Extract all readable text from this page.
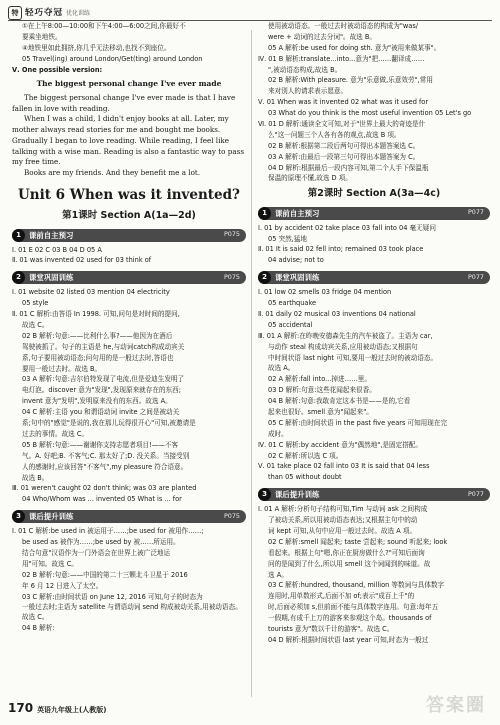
特 轻巧夺冠 优化训练

①在上午8:00—10:00和下午4:00—6:00之间,你最好不

要乘坐地铁。

④地铁里如此拥挤,你几乎无法移动,也找不到座位。

05 Travel(ing) around London/Get(ting) around London

Ⅴ. One possible version:

The biggest personal change I've ever made

The biggest personal change I've ever made is that I have fallen in love with reading.

When I was a child, I didn't enjoy books at all. Later, my mother always read stories for me and bought me books. Gradually I began to love reading. While reading, I feel like talking with a wise man. Reading is also a fantastic way to pass my free time.

Books are my friends. And they benefit me a lot.

Unit 6 When was it invented?
第1课时 Section A(1a—2d)
1	课前自主预习	P075

Ⅰ. 01 E 02 C 03 B 04 D 05 A

Ⅱ. 01 was invented 02 used for 03 think of

2	课堂巩固训练	P075

Ⅰ. 01 website 02 listed 03 mention 04 electricity

05 style

Ⅱ. 01 C 解析:由答语 In 1998. 可知,问句是对时间的提问,

故选 C。

02 B 解析:句意:——比利什么事?——他因为在酒后

驾驶被抓了。句子的主语是 he,与动词catch构成动宾关

系,句子要用被动语态;问句用的是一般过去时,答语也

要用一般过去时。故选 B。

03 A 解析:句意:吉尔伯特发现了电流,但是爱迪生发明了

电灯泡。discover 意为"发现",发现原来就存在的东西;

invent 意为"发明",发明原来没有的东西。故选 A。

04 C 解析:主语 you 和谓语动词 invite 之间是被动关

系;句中的"感觉"是说的,我在那儿玩得很开心"可知,被邀请是

过去的事情。故选 C。

05 B 解析:句意:——谢谢你支持志愿者项目!——不客

气。A. 好吧;B. 不客气;C. 那太好了;D. 没关系。当接受别

人的感谢时,应该回答"不客气",my pleasure 符合语意。

故选 B。

Ⅲ. 01 weren't caught 02 don't think; was 03 are planted

04 Who/Whom was ... invented 05 What is ... for

3	课后提升训练	P075

Ⅰ. 01 C 解析:be used in 被运用于……;be used for 被用作……;

be used as 被作为……;be used by 被……所运用。

结合句意"汉语作为一门外语会在世界上被广泛地运

用"可知。故选 C。

02 B 解析:句意:——中国的第二十三颗北斗卫星于 2016

年 6 月 12 日进入了太空。

03 C 解析:由时间状语 on June 12, 2016 可知,句子的时态为

一般过去时;主语为 satellite 与谓语动词 send 构成被动关系,用被动语态。故选 C。

04 B 解析:

使用被动语态。一般过去时被动语态的构成为"was/

were + 动词的过去分词"。故选 B。

05 A 解析:be used for doing sth. 意为"被用来做某事"。

Ⅳ. 01 B 解析:translate...into...意为"把……翻译成……

",被动语态构成,故选 B。

02 B 解析:With pleasure. 意为"乐意做,乐意效劳",常用

来对别人的请求表示愿意。

Ⅴ. 01 When was it invented 02 what was it used for

03 What do you think is the most useful invention 05 Let's go

Ⅵ. 01 D 解析:通读全文可知,对于"世界上最大的奇迹是什

么"这一问题三个人各有各的观点,故选 B 项。

02 B 解析:根据第二段后两句可得出本题答案选 C。

03 A 解析:由最后一段第三句可得出本题答案为 C。

04 D 解析:根据最后一段内容可知,第二个人手下保温瓶

保温的原理不懂,故选 D 项。

第2课时 Section A(3a—4c)
1	课前自主预习	P077

Ⅰ. 01 by accident 02 take place 03 fall into 04 毫无疑问

05 突然,猛地

Ⅱ. 01 It is said 02 fell into; remained 03 took place

04 advise; not to

2	课堂巩固训练	P077

Ⅰ. 01 low 02 smells 03 fridge 04 mention

05 earthquake

Ⅱ. 01 daily 02 musical 03 inventions 04 national

05 accidental

Ⅲ. 01 A 解析:在昨晚安德森先生的汽车被盗了。主语为 car,

与动作 steal 构成动宾关系,应用被动语态;又根据句

中时间状语 last night 可知,要用一般过去时的被动语态。

故选 A。

02 A 解析:fall into...掉进……里。

03 D 解析:句意:这些花闻起来很香。

04 B 解析:句意:我敢肯定这本书是——是的,它看

起来也很好。smell 意为"闻起来"。

05 C 解析:由时间状语 in the past five years 可知用现在完

成时。

Ⅳ. 01 C 解析:by accident 意为"偶然地",是固定搭配。

02 C 解析:所以选 C 项。

Ⅴ. 01 take place 02 fall into 03 It is said that 04 less

than 05 without doubt

3	课后提升训练	P077

Ⅰ. 01 A 解析:分析句子结构可知,Tim 与动词 ask 之间构成

了被动关系,所以用被动语态表达;又根据主句中的动

词 kept 可知,从句中应用一般过去时。故选 A 项。

02 C 解析:smell 闻起来; taste 尝起来; sound 听起来; look

看起来。根据上句"嗯,你正在厨房做什么?"可知后面询

问的是闻到了什么,所以用 smell 这个词闻到的味道。故

选 A。

03 C 解析:hundred, thousand, million 等数词与具体数字

连用时,用单数形式,后面不加 of;表示"成百上千"的

时,后面必须加 s,但前面不能与具体数字连用。句意:每年五

一假期,有成千上万的游客来参观这个岛。thousands of

tourists 意为"数以千计的游客"。故选 C。

04 D 解析:根据时间状语 last year 可知,时态为一般过

170 英语九年级上(人教版)	答案圈
